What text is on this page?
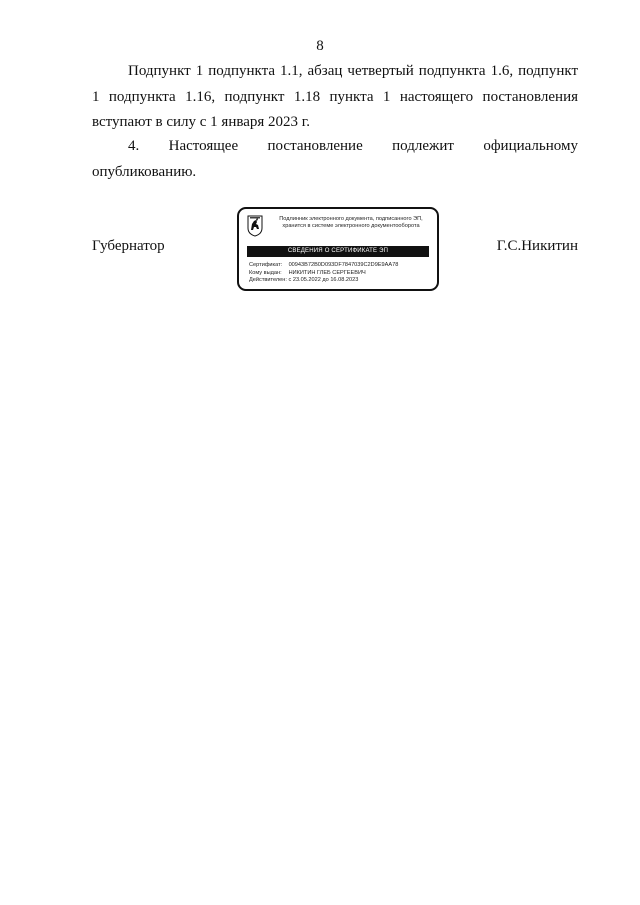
8

Подпункт 1 подпункта 1.1, абзац четвертый подпункта 1.6, подпункт 1 подпункта 1.16, подпункт 1.18 пункта 1 настоящего постановления вступают в силу с 1 января 2023 г.

4. Настоящее постановление подлежит официальному опубликованию.

Губернатор	Г.С.Никитин
Подлинник электронного документа, подписанного ЭП,
хранится в системе электронного документооборота
СВЕДЕНИЯ О СЕРТИФИКАТЕ ЭП
Сертификат: 00943B72B0D093DF7847039C2D9E9AA78
Кому выдан: НИКИТИН ГЛЕБ СЕРГЕЕВИЧ
Действителен: с 23.05.2022 до 16.08.2023
